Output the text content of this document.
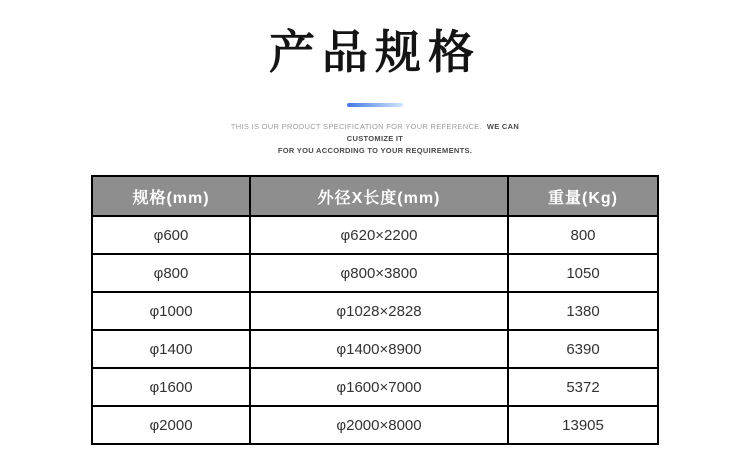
产品规格

THIS IS OUR PRODUCT SPECIFICATION FOR YOUR REFERENCE. WE CAN CUSTOMIZE IT
FOR YOU ACCORDING TO YOUR REQUIREMENTS.

规格(mm)	外径X长度(mm)	重量(Kg)
φ600	φ620×2200	800
φ800	φ800×3800	1050
φ1000	φ1028×2828	1380
φ1400	φ1400×8900	6390
φ1600	φ1600×7000	5372
φ2000	φ2000×8000	13905
